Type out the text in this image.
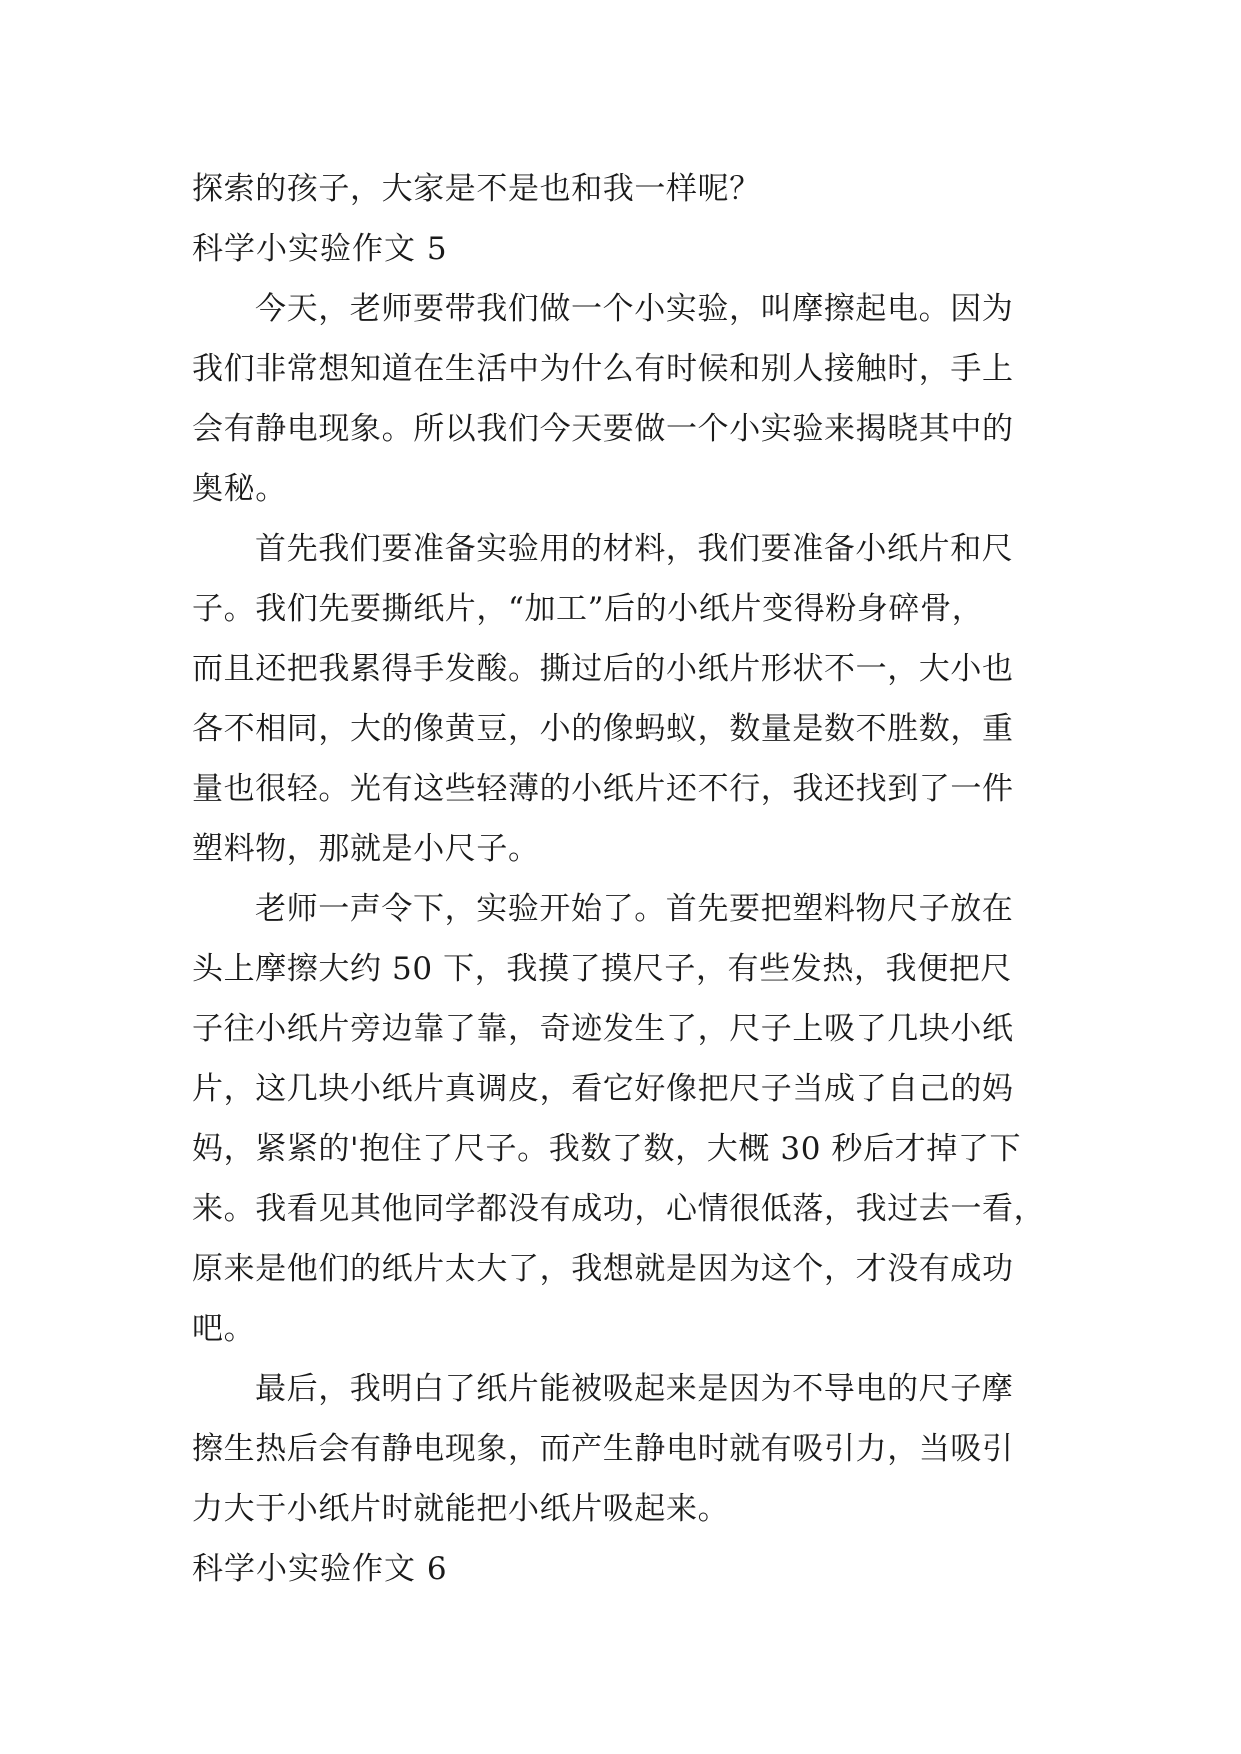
探索的孩子，大家是不是也和我一样呢？
科学小实验作文 5
今天，老师要带我们做一个小实验，叫摩擦起电。因为
我们非常想知道在生活中为什么有时候和别人接触时，手上
会有静电现象。所以我们今天要做一个小实验来揭晓其中的
奥秘。
首先我们要准备实验用的材料，我们要准备小纸片和尺
子。我们先要撕纸片，“加工”后的小纸片变得粉身碎骨，
而且还把我累得手发酸。撕过后的小纸片形状不一，大小也
各不相同，大的像黄豆，小的像蚂蚁，数量是数不胜数，重
量也很轻。光有这些轻薄的小纸片还不行，我还找到了一件
塑料物，那就是小尺子。
老师一声令下，实验开始了。首先要把塑料物尺子放在
头上摩擦大约 50 下，我摸了摸尺子，有些发热，我便把尺
子往小纸片旁边靠了靠，奇迹发生了，尺子上吸了几块小纸
片，这几块小纸片真调皮，看它好像把尺子当成了自己的妈
妈，紧紧的'抱住了尺子。我数了数，大概 30 秒后才掉了下
来。我看见其他同学都没有成功，心情很低落，我过去一看，
原来是他们的纸片太大了，我想就是因为这个，才没有成功
吧。
最后，我明白了纸片能被吸起来是因为不导电的尺子摩
擦生热后会有静电现象，而产生静电时就有吸引力，当吸引
力大于小纸片时就能把小纸片吸起来。
科学小实验作文 6
